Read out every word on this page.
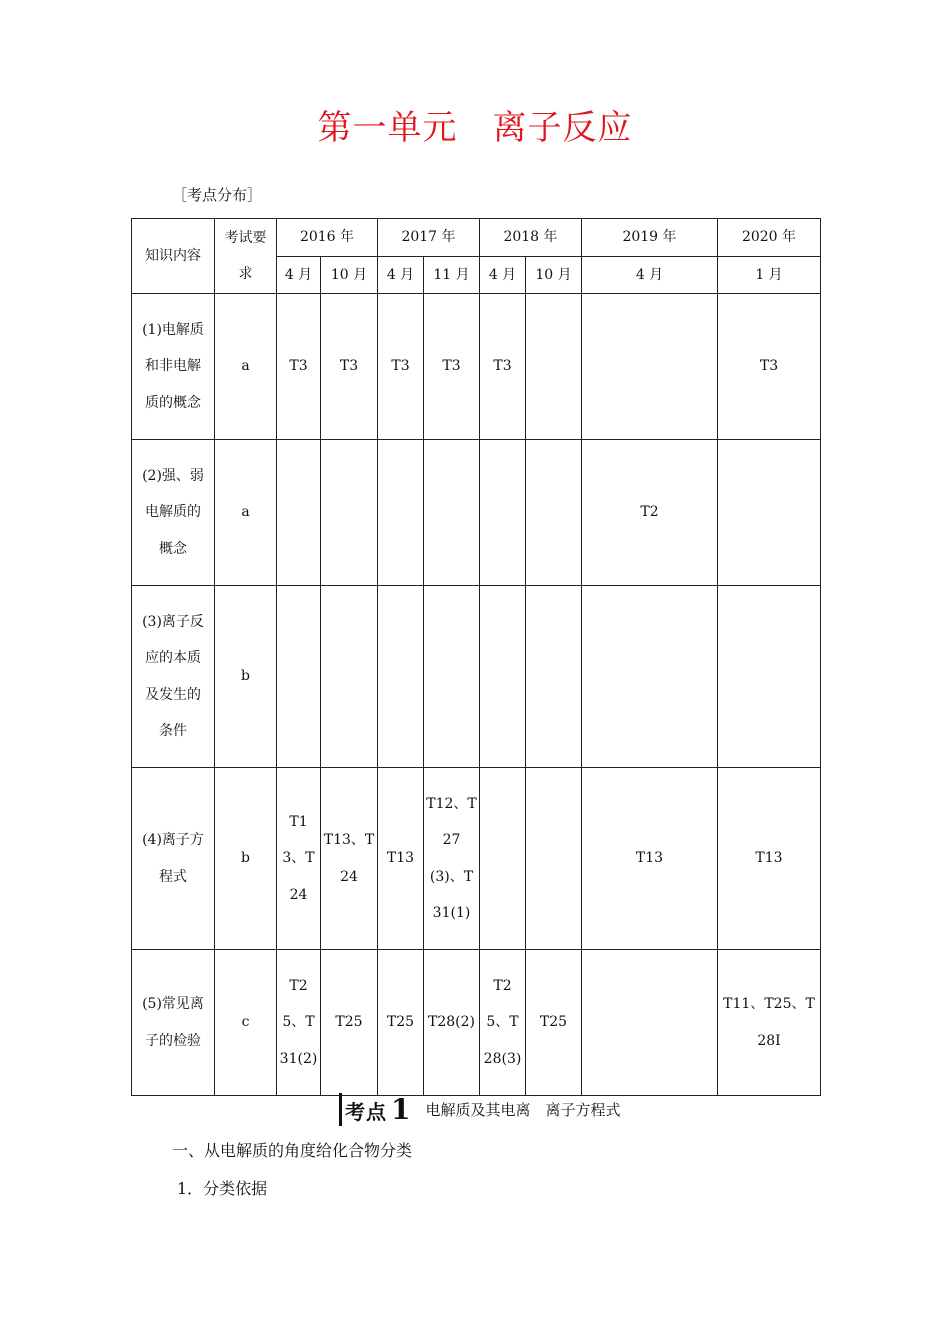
第一单元　离子反应
［考点分布］
知识内容	考试要求	2016 年		2017 年		2018 年		2019 年	2020 年
		4 月	10 月	4 月	11 月	4 月	10 月	4 月	1 月
(1)电解质和非电解质的概念	a	T3	T3	T3	T3	T3			T3
(2)强、弱电解质的概念	a							T2	
(3)离子反应的本质及发生的条件	b								
(4)离子方程式	b	T13、T24	T13、T24	T13	T12、T27(3)、T31(1)			T13	T13
(5)常见离子的检验	c	T25、T31(2)	T25	T25	T28(2)	T25、T28(3)	T25		T11、T25、T28Ⅰ
考点 1 电解质及其电离　离子方程式
一、从电解质的角度给化合物分类
1．分类依据
